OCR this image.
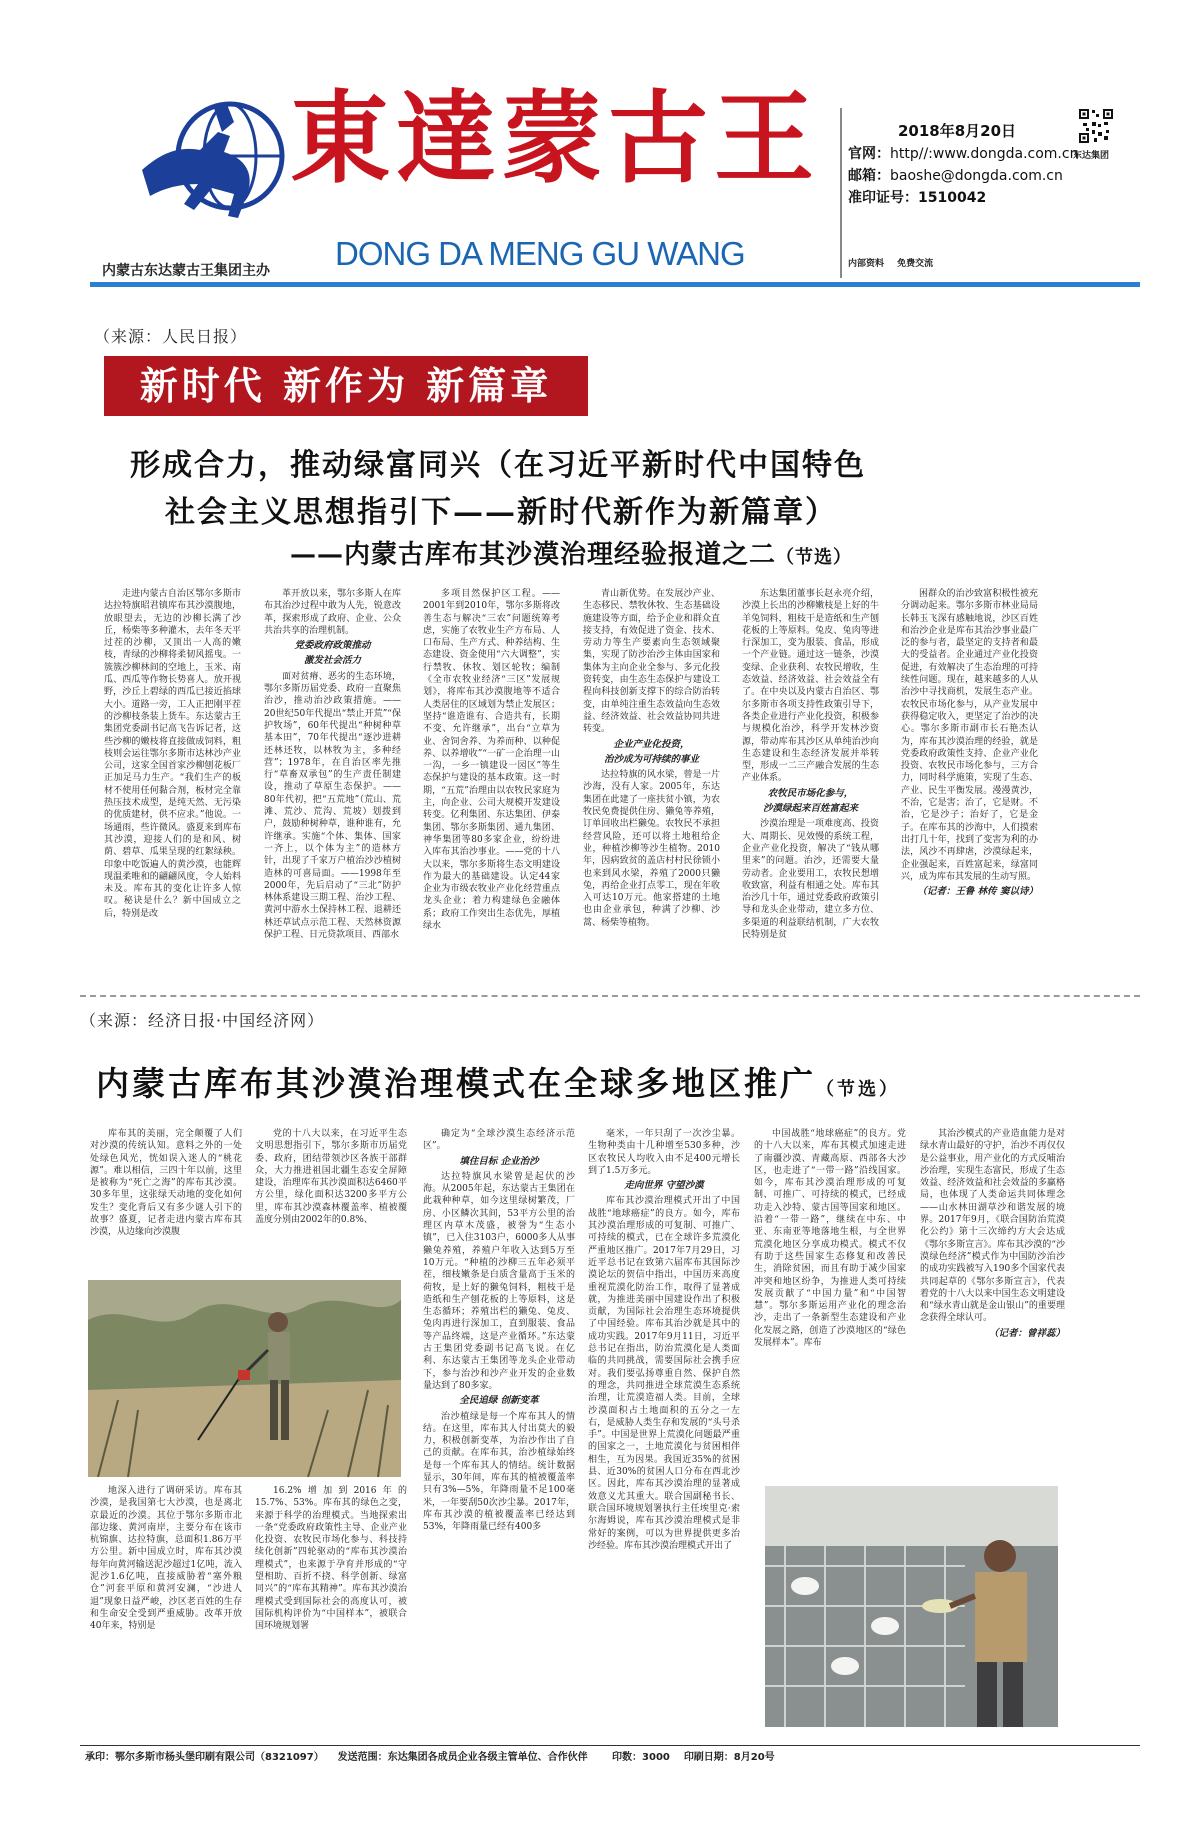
東達蒙古王
DONG DA MENG GU WANG
内蒙古东达蒙古王集团主办
2018年8月20日
官网：http//:www.dongda.com.cn
邮箱：baoshe@dongda.com.cn
准印证号：1510042
东达集团
内部资料 免费交流
（来源：人民日报）
新时代 新作为 新篇章
形成合力，推动绿富同兴（在习近平新时代中国特色
社会主义思想指引下——新时代新作为新篇章）
——内蒙古库布其沙漠治理经验报道之二（节选）

走进内蒙古自治区鄂尔多斯市达拉特旗昭君镇库布其沙漠腹地，放眼望去，无边的沙柳长满了沙丘，杨柴等多种灌木，去年冬天平过茬的沙柳，又顶出一人高的嫩枝，青绿的沙柳将柔韧风摇曳。一簇簇沙柳林间的空地上，玉米、南瓜、西瓜等作物长势喜人。放开视野，沙丘上碧绿的西瓜已接近掐球大小。道路一旁，工人正把刚平茬的沙柳枝条装上货车。东达蒙古王集团党委副书记高飞告诉记者，这些沙柳的嫩枝将直接做成饲料，粗枝则会运往鄂尔多斯市达林沙产业公司，这家全国首家沙柳刨花板厂正加足马力生产。“我们生产的板材不使用任何黏合剂，板材完全靠热压技术成型，是纯天然、无污染的优质建材，供不应求。”他说。一场通雨，些许微风。盛夏来到库布其沙漠，迎接人们的是和风、树荫、碧草、瓜果呈现的红絮绿秧。印象中吃饭遍人的黄沙漠，也能辉现温柔唯和的翩翩风度，令人始料未及。库布其的变化让许多人惊叹。秘诀是什么？新中国成立之后，特别是改

革开放以来，鄂尔多斯人在库布其治沙过程中敢为人先，锐意改革，探索形成了政府、企业、公众共治共享的治理机制。

党委政府政策推动
激发社会活力

面对贫瘠、恶劣的生态环境，鄂尔多斯历届党委、政府一直聚焦治沙，推动治沙政策措施。——20世纪50年代提出“禁止开荒”“保护牧场”，60年代提出“种树种草基本田”，70年代提出“逐沙进耕还林还牧，以林牧为主，多种经营”；1978年，在自治区率先推行“草畜双承包”的生产责任制建设，推动了草原生态保护。——80年代初，把“五荒地”（荒山、荒滩、荒沙、荒沟、荒坡）划拨到户，鼓励种树种草，谁种谁有，允许继承。实施“个体、集体、国家一齐上，以个体为主”的造林方针，出现了千家万户植治沙沙植树造林的可喜局面。——1998年至2000年，先后启动了“三北”防护林体系建设三期工程、治沙工程、黄河中游水土保持林工程、退耕还林还草试点示范工程、天然林资源保护工程、日元贷款项目、西部水

多项目然保护区工程。——2001年到2010年，鄂尔多斯将改善生态与解决“三农”问题统筹考虑，实施了农牧业生产方布局、人口布局、生产方式、种养结构、生态建设、资金使用“六大调整”，实行禁牧、休牧、划区轮牧；编制《全市农牧业经济“三区”发展规划》，将库布其沙漠腹地等不适合人类居住的区域划为禁止发展区；坚持“谁造谁有、合造共有，长期不变、允许继承”，出台“立草为业、舍饲舍养、为养而种、以种促养、以养增收”“一矿一企治理一山一沟，一乡一镇建设一园区”等生态保护与建设的基本政策。这一时期，“五荒”治理由以农牧民家庭为主，向企业、公司大规模开发建设转变。亿利集团、东达集团、伊泰集团、鄂尔多斯集团、通九集团、神华集团等80多家企业，纷纷进入库布其治沙事业。——党的十八大以来，鄂尔多斯将生态文明建设作为最大的基础建设。认定44家企业为市级农牧业产业化经营重点龙头企业；着力构建绿色金融体系；政府工作突出生态优先，厚植绿水

青山新优势。在发展沙产业、生态移民、禁牧休牧、生态基础设施建设等方面，给予企业和群众直接支持，有效促进了资金、技术、劳动力等生产要素向生态领域聚集，实现了防沙治沙主体由国家和集体为主向企业全参与、多元化投资转变，由生态生态保护与建设工程向科技创新支撑下的综合防治转变，由单纯注重生态效益向生态效益、经济效益、社会效益协同共进转变。

企业产业化投资，
治沙成为可持续的事业

达拉特旗的风水梁，曾是一片沙海，没有人家。2005年，东达集团在此建了一座扶贫小镇，为农牧民免费提供住房、獭兔等养殖，订单回收出栏獭兔。农牧民不承担经营风险，还可以将土地租给企业，种植沙柳等沙生植物。2010年，因病致贫的盖店村村民徐锁小也来到风水梁，养殖了2000只獭兔，再给企业打点零工，现在年收入可达10万元。他家搭建的土地也由企业承包，种满了沙柳、沙蒿、杨柴等植物。

东达集团董事长赵永亮介绍，沙漠上长出的沙柳嫩枝是上好的牛羊兔饲料，粗枝干是造纸和生产刨花板的上等原料。兔皮、兔肉等进行深加工，变为服装、食品，形成一个产业链。通过这一链条，沙漠变绿、企业获利、农牧民增收，生态效益、经济效益、社会效益全有了。在中央以及内蒙古自治区、鄂尔多斯市各项支持性政策引导下，各类企业进行产业化投资，积极参与规模化治沙，科学开发林沙资源，带动库布其沙区从单纯治沙向生态建设和生态经济发展并举转型，形成一二三产融合发展的生态产业体系。

农牧民市场化参与，
沙漠绿起来百姓富起来

沙漠治理是一项难度高、投资大、周期长、见效慢的系统工程，企业产业化投资，解决了“钱从哪里来”的问题。治沙，还需要大量劳动者。企业要用工，农牧民想增收致富，利益有相通之处。库布其治沙几十年，通过党委政府政策引导和龙头企业带动，建立多方位、多渠道的利益联结机制，广大农牧民特别是贫

困群众的治沙致富积极性被充分调动起来。鄂尔多斯市林业局局长韩玉飞深有感触地说，沙区百姓和治沙企业是库布其治沙事业最广泛的参与者，最坚定的支持者和最大的受益者。企业通过产业化投资促进，有效解决了生态治理的可持续性问题。现在，越来越多的人从治沙中寻找商机，发展生态产业。农牧民市场化参与，从产业发展中获得稳定收入，更坚定了治沙的决心。鄂尔多斯市副市长石艳杰认为，库布其沙漠治理的经验，就是党委政府政策性支持、企业产业化投资、农牧民市场化参与，三方合力，同时科学施策，实现了生态、产业、民生平衡发展。漫漫黄沙，不治，它是害；治了，它是财。不治，它是沙子；治好了，它是金子。在库布其的沙海中，人们摸索出打几十年，找到了变害为利的办法，风沙不再肆虐，沙漠绿起来，企业强起来，百姓富起来，绿富同兴，成为库布其发展的生动写照。

（记者：王鲁 林传 窦以诗）
（来源：经济日报·中国经济网）
内蒙古库布其沙漠治理模式在全球多地区推广（节选）

库布其的美丽，完全颠覆了人们对沙漠的传统认知。意料之外的一处处绿色风光，恍如误入迷人的“桃花源”。难以相信，三四十年以前，这里是被称为“死亡之海”的库布其沙漠。30多年里，这张绿天动地的变化如何发生？变化背后又有多少谜人引下的故事？盛夏，记者走进内蒙古库布其沙漠，从边缘向沙漠腹

地深入进行了调研采访。库布其沙漠，是我国第七大沙漠，也是离北京最近的沙漠。其位于鄂尔多斯市北部边缘、黄河南岸，主要分布在该市杭锦旗、达拉特旗，总面积1.86万平方公里。新中国成立时，库布其沙漠每年向黄河输送泥沙超过1亿吨，流入泥沙1.6亿吨，直接威胁着“塞外粮仓”河套平原和黄河安澜，“沙进人退”现象日益严峻，沙区老百姓的生存和生命安全受到严重威胁。改革开放40年来，特别是

党的十八大以来，在习近平生态文明思想指引下，鄂尔多斯市历届党委、政府，团结带领沙区各族干部群众，大力推进祖国北疆生态安全屏障建设，治理库布其沙漠面积达6460平方公里，绿化面积达3200多平方公里，库布其沙漠森林覆盖率、植被覆盖度分别由2002年的0.8%、

16.2%增加到2016年的15.7%、53%。库布其的绿色之变，来源于科学的治理模式。当地探索出一条“党委政府政策性主导、企业产业化投资、农牧民市场化参与、科技持续化创新”四轮驱动的“库布其沙漠治理模式”，也来源于孕育并形成的“守望相助、百折不挠、科学创新、绿富同兴”的“库布其精神”。库布其沙漠治理模式受到国际社会的高度认可，被国际机构评价为“中国样本”，被联合国环境规划署

确定为“全球沙漠生态经济示范区”。

填住目标 企业治沙

达拉特旗风水梁曾是起伏的沙海。从2005年起，东达蒙古王集团在此栽种种草，如今这里绿树繁茂，厂房、小区鳞次其间，53平方公里的治理区内草木茂盛，被誉为“生态小镇”，已入住3103户，6000多人从事獭兔养殖，养殖户年收入达到5万至10万元。“种植的沙柳三五年必须平茬，细枝嫩条是白质含量高于玉米的荷牧，是上好的獭兔饲料，粗枝干是造纸和生产刨花板的上等原料，这是生态循环；养殖出栏的獭兔、兔皮、兔肉再进行深加工，直到服装、食品等产品终端，这是产业循环。”东达蒙古王集团党委副书记高飞说。在亿利、东达蒙古王集团等龙头企业带动下，参与治沙和沙产业开发的企业数量达到了80多家。

全民追绿 创新变革

治沙植绿是每一个库布其人的情结。在这里，库布其人付出莫大的毅力，积极创新变革，为治沙作出了自己的贡献。在库布其，治沙植绿始终是每一个库布其人的情结。统计数据显示，30年间，库布其的植被覆盖率只有3%—5%，年降雨量不足100毫米，一年要刮50次沙尘暴。2017年，库布其沙漠的植被覆盖率已经达到53%，年降雨量已经有400多

毫米，一年只刮了一次沙尘暴。生物种类由十几种增至530多种，沙区农牧民人均收入由不足400元增长到了1.5万多元。

走向世界 守望沙漠

库布其沙漠治理模式开出了中国战胜“地球癌症”的良方。如今，库布其沙漠治理形成的可复制、可推广、可持续的模式，已在全球许多荒漠化严重地区推广。2017年7月29日，习近平总书记在致第六届库布其国际沙漠论坛的贺信中指出，中国历来高度重视荒漠化防治工作，取得了显著成就，为推进美丽中国建设作出了积极贡献，为国际社会治理生态环境提供了中国经验。库布其治沙就是其中的成功实践。2017年9月11日，习近平总书记在指出，防治荒漠化是人类面临的共同挑战，需要国际社会携手应对。我们要弘扬尊重自然、保护自然的理念，共同推进全球荒漠生态系统治理，让荒漠造福人类。目前，全球沙漠面积占土地面积的五分之一左右，是威胁人类生存和发展的“头号杀手”。中国是世界上荒漠化问题最严重的国家之一，土地荒漠化与贫困相伴相生，互为因果。我国近35%的贫困县、近30%的贫困人口分布在西北沙区。因此，库布其沙漠治理的显著成效意义尤其重大。联合国副秘书长、联合国环境规划署执行主任埃里克·索尔海姆说，库布其沙漠治理模式是非常好的案例，可以为世界提供更多治沙经验。库布其沙漠治理模式开出了

中国战胜“地球癌症”的良方。党的十八大以来，库布其模式加速走进了南疆沙漠、青藏高原、西部各大沙区，也走进了“一带一路”沿线国家。如今，库布其沙漠治理形成的可复制、可推广、可持续的模式，已经成功走入沙特、蒙古国等国家和地区。沿着“一带一路”，继续在中东、中亚、东南亚等地落地生根，与全世界荒漠化地区分享成功模式。模式不仅有助于这些国家生态修复和改善民生，消除贫困，而且有助于减少国家冲突和地区纷争，为推进人类可持续发展贡献了“中国力量”和“中国智慧”。鄂尔多斯运用产业化的理念治沙，走出了一条新型生态建设和产业化发展之路，创造了沙漠地区的“绿色发展样本”。库布

其治沙模式的产业造血能力是对绿水青山最好的守护，治沙不再仅仅是公益事业，用产业化的方式反哺治沙治理，实现生态富民，形成了生态效益、经济效益和社会效益的多赢格局，也体现了人类命运共同体理念——山水林田湖草沙和谐发展的境界。2017年9月，《联合国防治荒漠化公约》第十三次缔约方大会达成《鄂尔多斯宣言》。库布其沙漠的“沙漠绿色经济”模式作为中国防沙治沙的成功实践被写入190多个国家代表共同起草的《鄂尔多斯宣言》，代表着党的十八大以来中国生态文明建设和“绿水青山就是金山银山”的重要理念获得全球认可。

（记者：曾祥蕊）
承印：鄂尔多斯市杨头堡印刷有限公司（8321097） 发送范围：东达集团各成员企业各级主管单位、合作伙伴 印数：3000 印刷日期：8月20号
